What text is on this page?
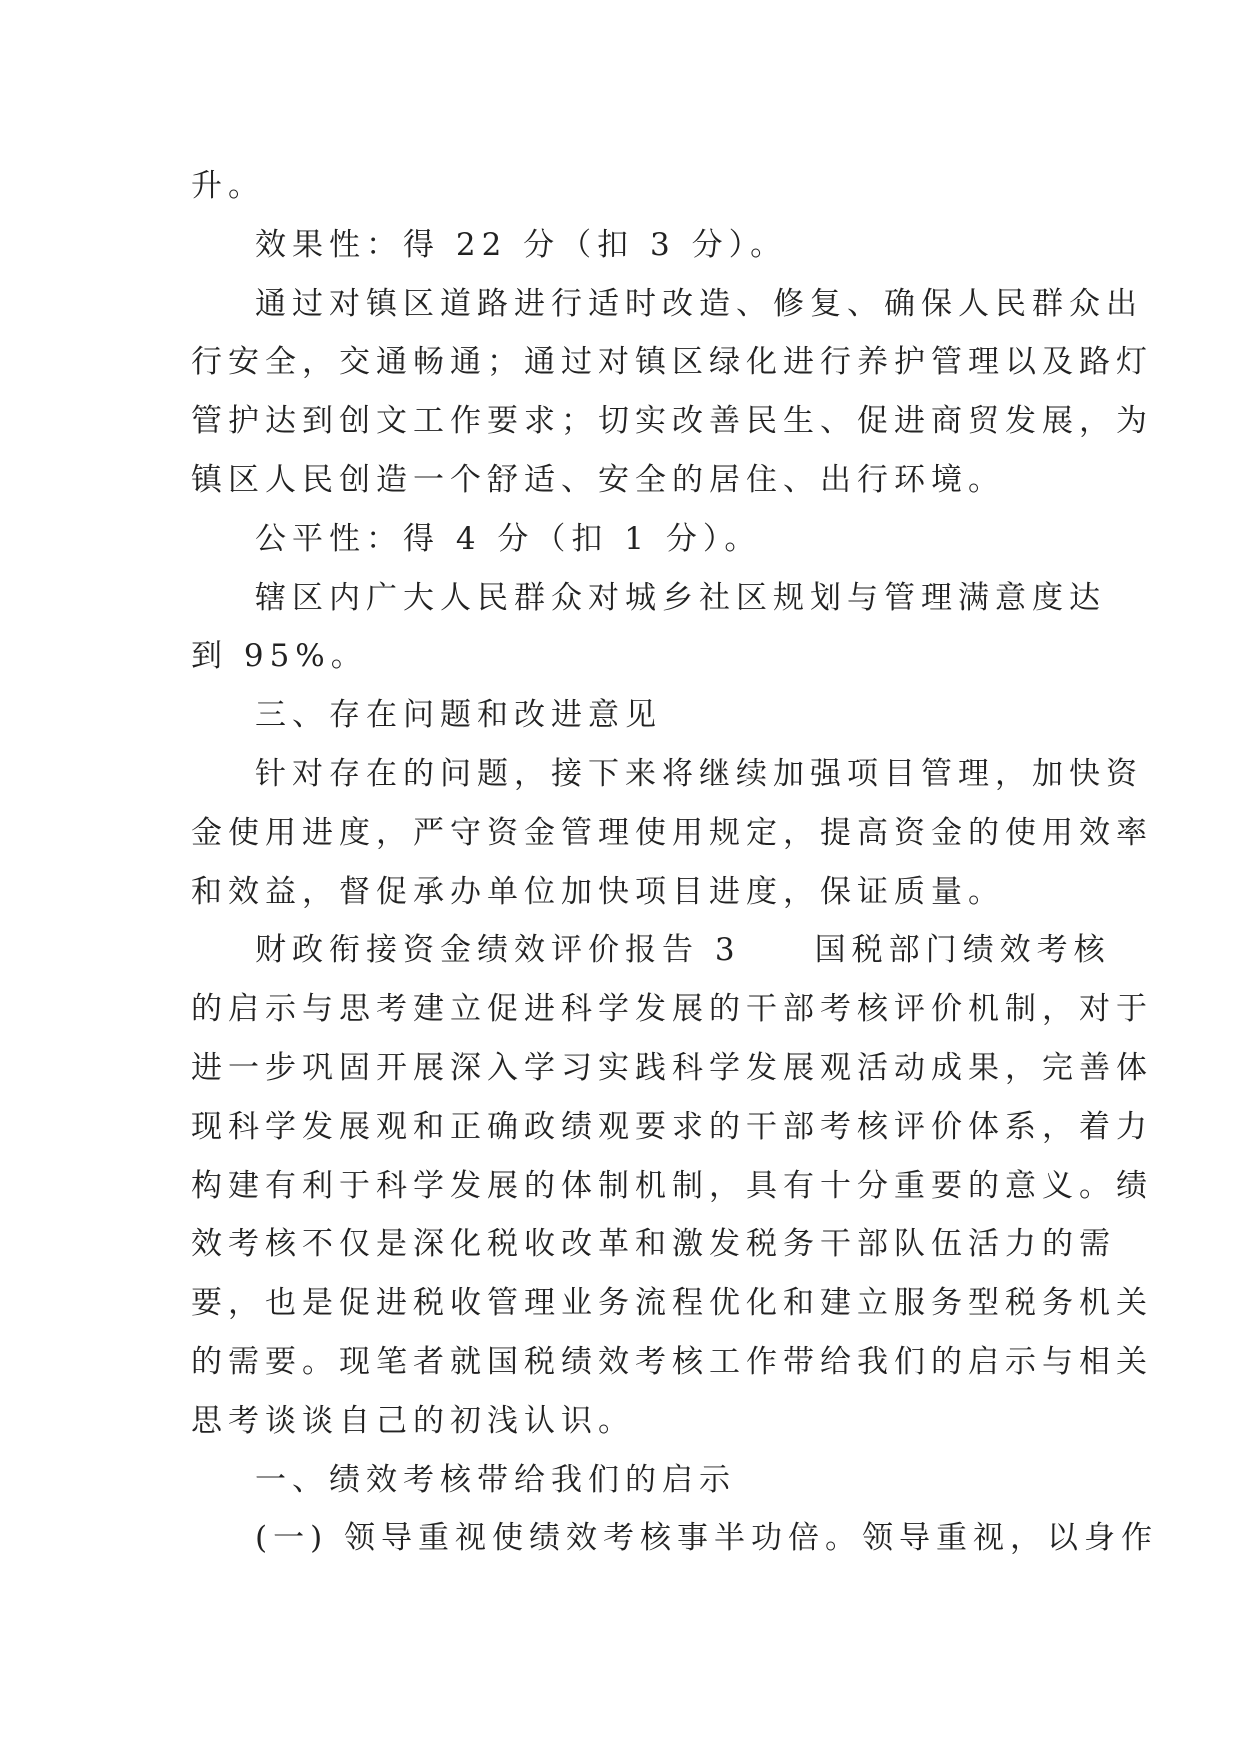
升。
效果性：得 22 分（扣 3 分）。
通过对镇区道路进行适时改造、修复、确保人民群众出
行安全，交通畅通；通过对镇区绿化进行养护管理以及路灯
管护达到创文工作要求；切实改善民生、促进商贸发展，为
镇区人民创造一个舒适、安全的居住、出行环境。
公平性：得 4 分（扣 1 分）。
辖区内广大人民群众对城乡社区规划与管理满意度达
到 95%。
三、存在问题和改进意见
针对存在的问题，接下来将继续加强项目管理，加快资
金使用进度，严守资金管理使用规定，提高资金的使用效率
和效益，督促承办单位加快项目进度，保证质量。
财政衔接资金绩效评价报告 3　　国税部门绩效考核
的启示与思考建立促进科学发展的干部考核评价机制，对于
进一步巩固开展深入学习实践科学发展观活动成果，完善体
现科学发展观和正确政绩观要求的干部考核评价体系，着力
构建有利于科学发展的体制机制，具有十分重要的意义。绩
效考核不仅是深化税收改革和激发税务干部队伍活力的需
要，也是促进税收管理业务流程优化和建立服务型税务机关
的需要。现笔者就国税绩效考核工作带给我们的启示与相关
思考谈谈自己的初浅认识。
一、绩效考核带给我们的启示
(一) 领导重视使绩效考核事半功倍。领导重视，以身作
